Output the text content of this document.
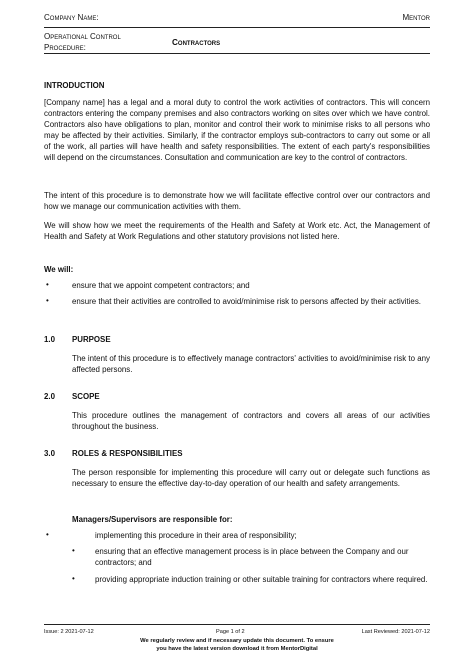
Company Name:	Mentor
Operational Control
Procedure:
Contractors
INTRODUCTION
[Company name] has a legal and a moral duty to control the work activities of contractors. This will concern contractors entering the company premises and also contractors working on sites over which we have control. Contractors also have obligations to plan, monitor and control their work to minimise risks to all persons who may be affected by their activities. Similarly, if the contractor employs sub-contractors to carry out some or all of the work, all parties will have health and safety responsibilities. The extent of each party's responsibilities will depend on the circumstances. Consultation and communication are key to the control of contractors.
The intent of this procedure is to demonstrate how we will facilitate effective control over our contractors and how we manage our communication activities with them.
We will show how we meet the requirements of the Health and Safety at Work etc. Act, the Management of Health and Safety at Work Regulations and other statutory provisions not listed here.
We will:
•	ensure that we appoint competent contractors; and
•	ensure that their activities are controlled to avoid/minimise risk to persons affected by their activities.
1.0 PURPOSE
The intent of this procedure is to effectively manage contractors' activities to avoid/minimise risk to any affected persons.
2.0 SCOPE
This procedure outlines the management of contractors and covers all areas of our activities throughout the business.
3.0 ROLES & RESPONSIBILITIES
The person responsible for implementing this procedure will carry out or delegate such functions as necessary to ensure the effective day-to-day operation of our health and safety arrangements.
Managers/Supervisors are responsible for:
•	implementing this procedure in their area of responsibility;
•	ensuring that an effective management process is in place between the Company and our contractors; and
•	providing appropriate induction training or other suitable training for contractors where required.
Issue: 2 2021-07-12	Page 1 of 2	Last Reviewed: 2021-07-12
We regularly review and if necessary update this document. To ensure
you have the latest version download it from MentorDigital
